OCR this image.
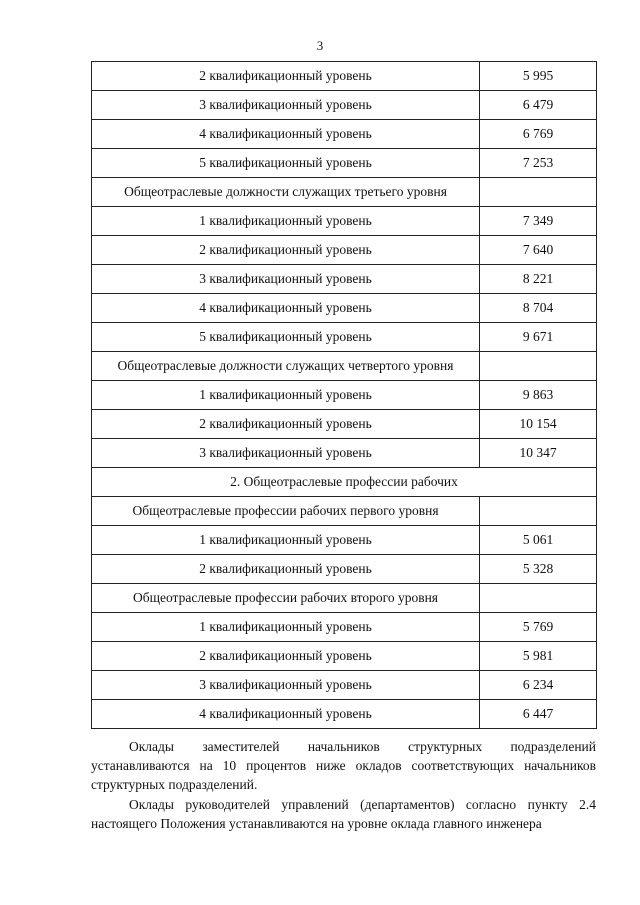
3
2 квалификационный уровень	5 995
3 квалификационный уровень	6 479
4 квалификационный уровень	6 769
5 квалификационный уровень	7 253
Общеотраслевые должности служащих третьего уровня	
1 квалификационный уровень	7 349
2 квалификационный уровень	7 640
3 квалификационный уровень	8 221
4 квалификационный уровень	8 704
5 квалификационный уровень	9 671
Общеотраслевые должности служащих четвертого уровня	
1 квалификационный уровень	9 863
2 квалификационный уровень	10 154
3 квалификационный уровень	10 347
2. Общеотраслевые профессии рабочих	
Общеотраслевые профессии рабочих первого уровня	
1 квалификационный уровень	5 061
2 квалификационный уровень	5 328
Общеотраслевые профессии рабочих второго уровня	
1 квалификационный уровень	5 769
2 квалификационный уровень	5 981
3 квалификационный уровень	6 234
4 квалификационный уровень	6 447

Оклады заместителей начальников структурных подразделений устанавливаются на 10 процентов ниже окладов соответствующих начальников структурных подразделений.

Оклады руководителей управлений (департаментов) согласно пункту 2.4 настоящего Положения устанавливаются на уровне оклада главного инженера
